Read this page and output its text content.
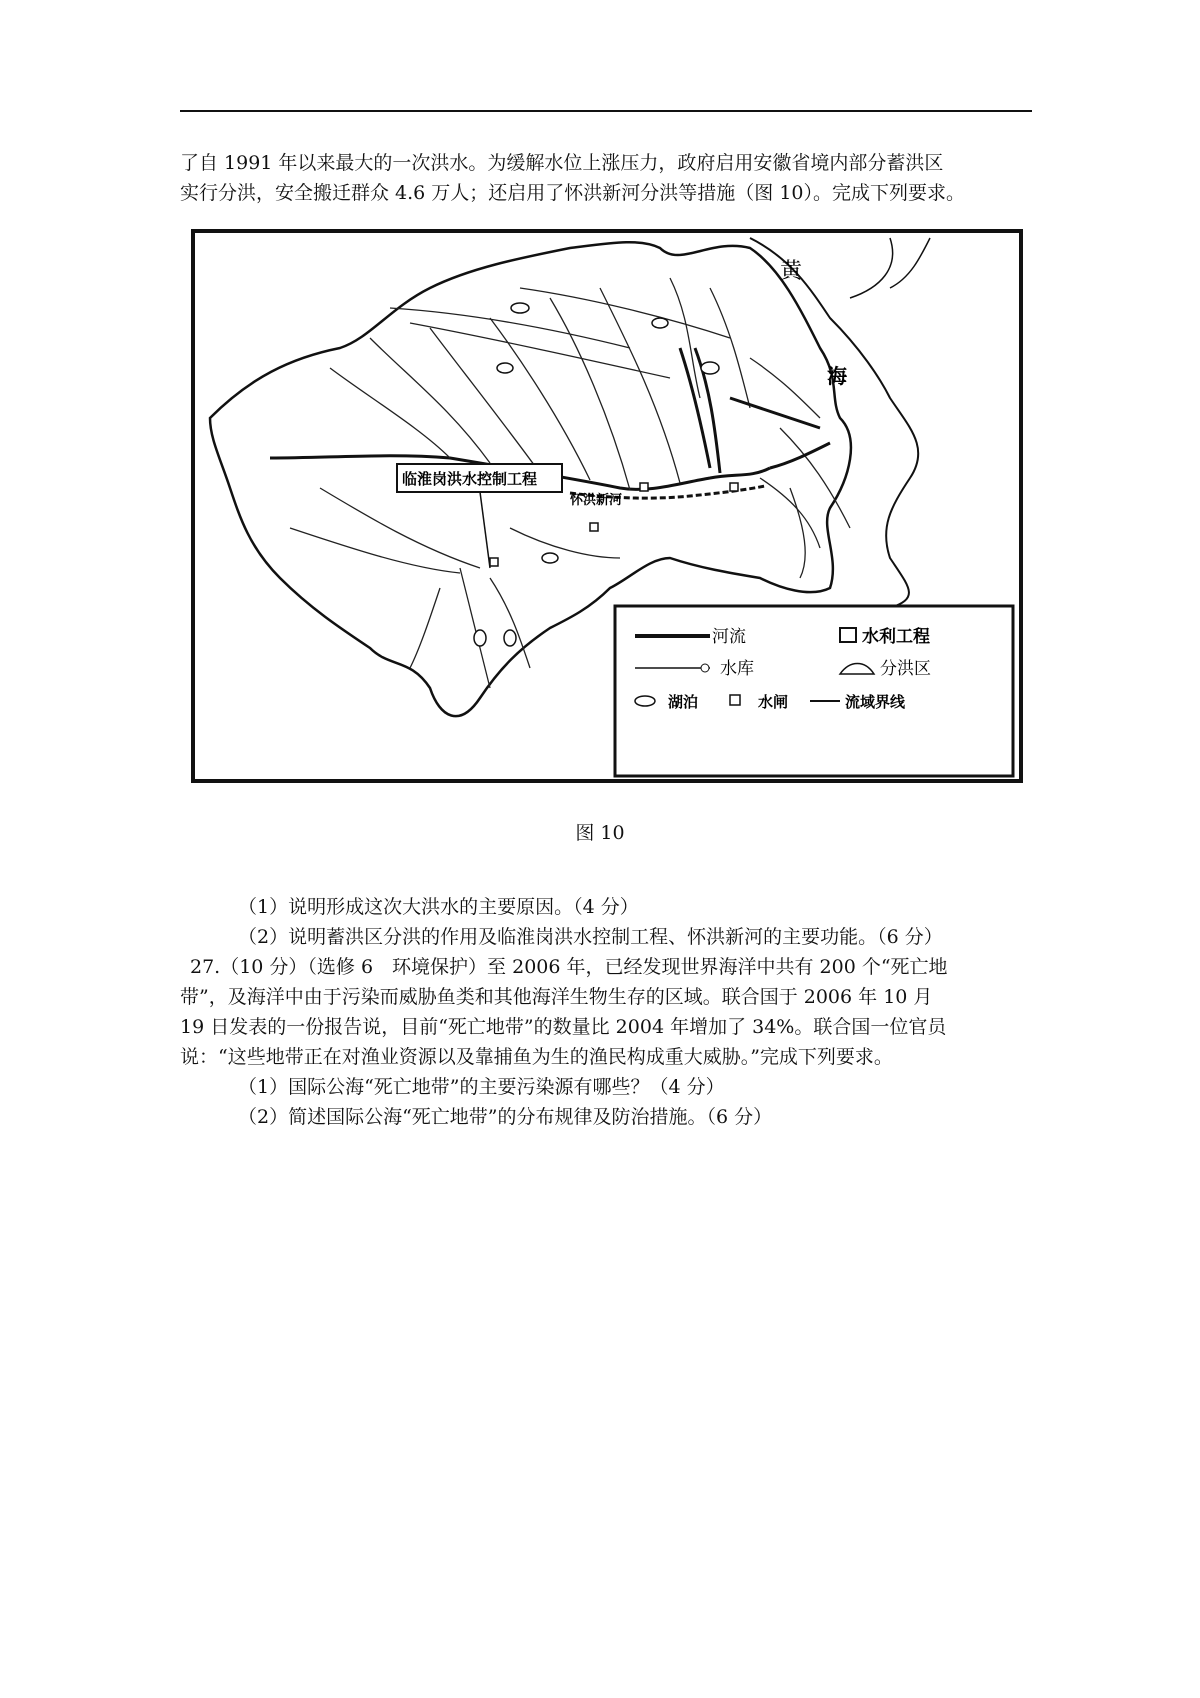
了自 1991 年以来最大的一次洪水。为缓解水位上涨压力，政府启用安徽省境内部分蓄洪区
实行分洪，安全搬迁群众 4.6 万人；还启用了怀洪新河分洪等措施（图 10）。完成下列要求。

黄
海
临淮岗洪水控制工程
怀洪新河
河流	水利工程
水库	分洪区
湖泊	水闸	流域界线
图 10
（1）说明形成这次大洪水的主要原因。（4 分）
（2）说明蓄洪区分洪的作用及临淮岗洪水控制工程、怀洪新河的主要功能。（6 分）
27.（10 分）（选修 6　环境保护）至 2006 年，已经发现世界海洋中共有 200 个“死亡地
带”，及海洋中由于污染而威胁鱼类和其他海洋生物生存的区域。联合国于 2006 年 10 月
19 日发表的一份报告说，目前“死亡地带”的数量比 2004 年增加了 34%。联合国一位官员
说：“这些地带正在对渔业资源以及靠捕鱼为生的渔民构成重大威胁。”完成下列要求。
（1）国际公海“死亡地带”的主要污染源有哪些？（4 分）
（2）简述国际公海“死亡地带”的分布规律及防治措施。（6 分）
